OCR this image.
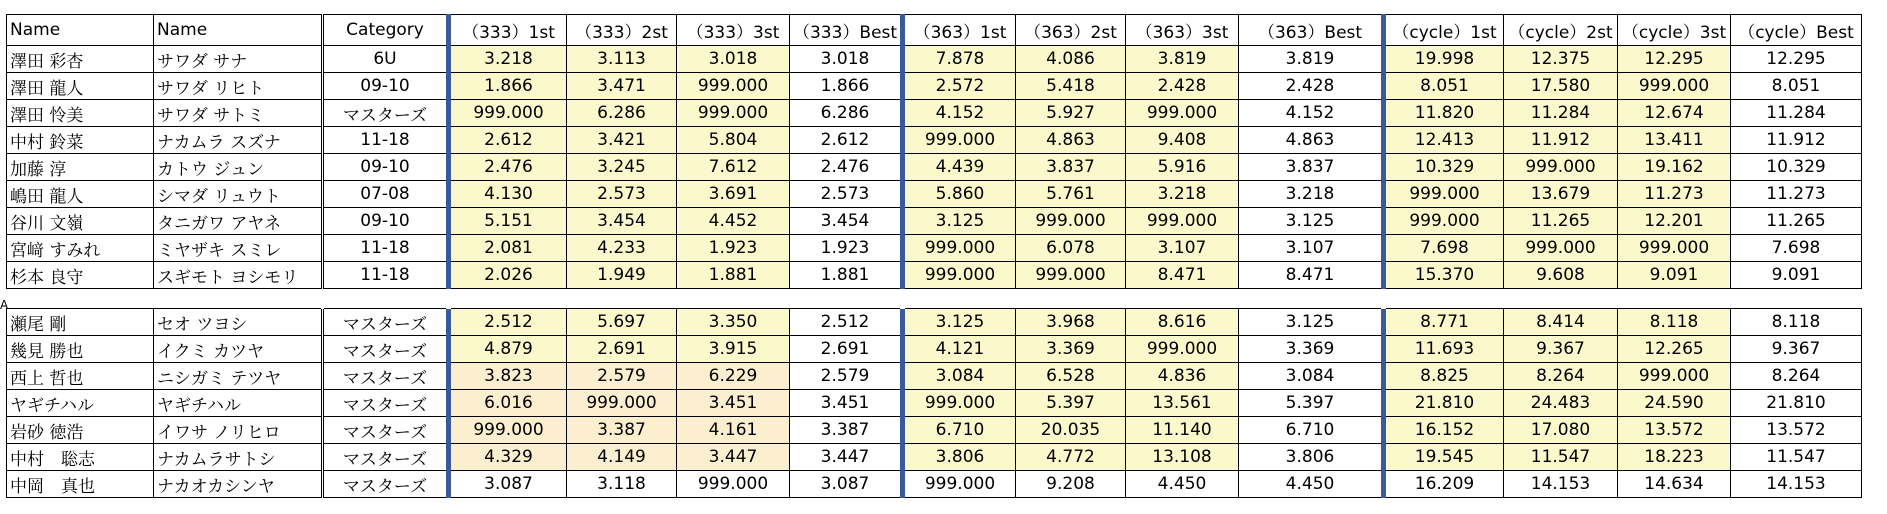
A
Name	Name	Category	（333）1st	（333）2st	（333）3st	（333）Best	（363）1st	（363）2st	（363）3st	（363）Best	（cycle）1st	（cycle）2st	（cycle）3st	（cycle）Best
澤田 彩杏	サワダ サナ	6U	3.218	3.113	3.018	3.018	7.878	4.086	3.819	3.819	19.998	12.375	12.295	12.295
澤田 龍人	サワダ リヒト	09-10	1.866	3.471	999.000	1.866	2.572	5.418	2.428	2.428	8.051	17.580	999.000	8.051
澤田 怜美	サワダ サトミ	マスターズ	999.000	6.286	999.000	6.286	4.152	5.927	999.000	4.152	11.820	11.284	12.674	11.284
中村 鈴菜	ナカムラ スズナ	11-18	2.612	3.421	5.804	2.612	999.000	4.863	9.408	4.863	12.413	11.912	13.411	11.912
加藤 淳	カトウ ジュン	09-10	2.476	3.245	7.612	2.476	4.439	3.837	5.916	3.837	10.329	999.000	19.162	10.329
嶋田 龍人	シマダ リュウト	07-08	4.130	2.573	3.691	2.573	5.860	5.761	3.218	3.218	999.000	13.679	11.273	11.273
谷川 文嶺	タニガワ アヤネ	09-10	5.151	3.454	4.452	3.454	3.125	999.000	999.000	3.125	999.000	11.265	12.201	11.265
宮﨑 すみれ	ミヤザキ スミレ	11-18	2.081	4.233	1.923	1.923	999.000	6.078	3.107	3.107	7.698	999.000	999.000	7.698
杉本 良守	スギモト ヨシモリ	11-18	2.026	1.949	1.881	1.881	999.000	999.000	8.471	8.471	15.370	9.608	9.091	9.091

瀬尾 剛	セオ ツヨシ	マスターズ	2.512	5.697	3.350	2.512	3.125	3.968	8.616	3.125	8.771	8.414	8.118	8.118
幾見 勝也	イクミ カツヤ	マスターズ	4.879	2.691	3.915	2.691	4.121	3.369	999.000	3.369	11.693	9.367	12.265	9.367
西上 哲也	ニシガミ テツヤ	マスターズ	3.823	2.579	6.229	2.579	3.084	6.528	4.836	3.084	8.825	8.264	999.000	8.264
ヤギチハル	ヤギチハル	マスターズ	6.016	999.000	3.451	3.451	999.000	5.397	13.561	5.397	21.810	24.483	24.590	21.810
岩砂 徳浩	イワサ ノリヒロ	マスターズ	999.000	3.387	4.161	3.387	6.710	20.035	11.140	6.710	16.152	17.080	13.572	13.572
中村　聡志	ナカムラサトシ	マスターズ	4.329	4.149	3.447	3.447	3.806	4.772	13.108	3.806	19.545	11.547	18.223	11.547
中岡　真也	ナカオカシンヤ	マスターズ	3.087	3.118	999.000	3.087	999.000	9.208	4.450	4.450	16.209	14.153	14.634	14.153
